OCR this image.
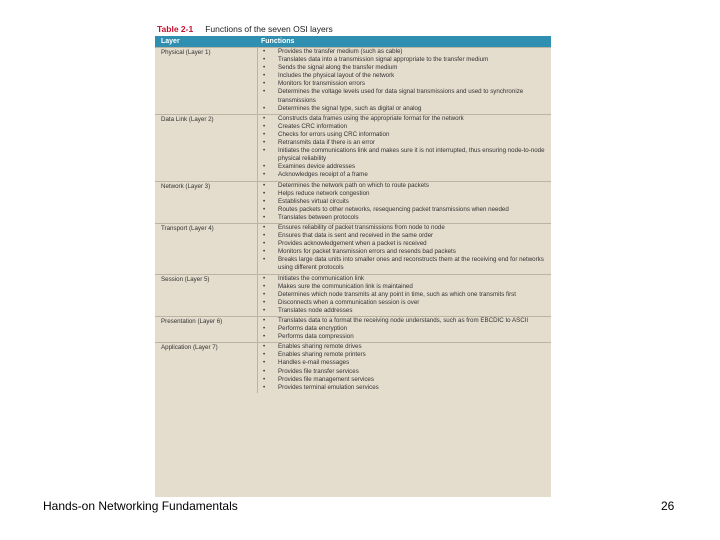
Table 2-1 Functions of the seven OSI layers
Layer	Functions
Physical (Layer 1)	• Provides the transfer medium (such as cable)
• Translates data into a transmission signal appropriate to the transfer medium
• Sends the signal along the transfer medium
• Includes the physical layout of the network
• Monitors for transmission errors
• Determines the voltage levels used for data signal transmissions and used to synchronize transmissions
• Determines the signal type, such as digital or analog
Data Link (Layer 2)	• Constructs data frames using the appropriate format for the network
• Creates CRC information
• Checks for errors using CRC information
• Retransmits data if there is an error
• Initiates the communications link and makes sure it is not interrupted, thus ensuring node-to-node physical reliability
• Examines device addresses
• Acknowledges receipt of a frame
Network (Layer 3)	• Determines the network path on which to route packets
• Helps reduce network congestion
• Establishes virtual circuits
• Routes packets to other networks, resequencing packet transmissions when needed
• Translates between protocols
Transport (Layer 4)	• Ensures reliability of packet transmissions from node to node
• Ensures that data is sent and received in the same order
• Provides acknowledgement when a packet is received
• Monitors for packet transmission errors and resends bad packets
• Breaks large data units into smaller ones and reconstructs them at the receiving end for networks using different protocols
Session (Layer 5)	• Initiates the communication link
• Makes sure the communication link is maintained
• Determines which node transmits at any point in time, such as which one transmits first
• Disconnects when a communication session is over
• Translates node addresses
Presentation (Layer 6)	• Translates data to a format the receiving node understands, such as from EBCDIC to ASCII
• Performs data encryption
• Performs data compression
Application (Layer 7)	• Enables sharing remote drives
• Enables sharing remote printers
• Handles e-mail messages
• Provides file transfer services
• Provides file management services
• Provides terminal emulation services
Hands-on Networking Fundamentals	26
